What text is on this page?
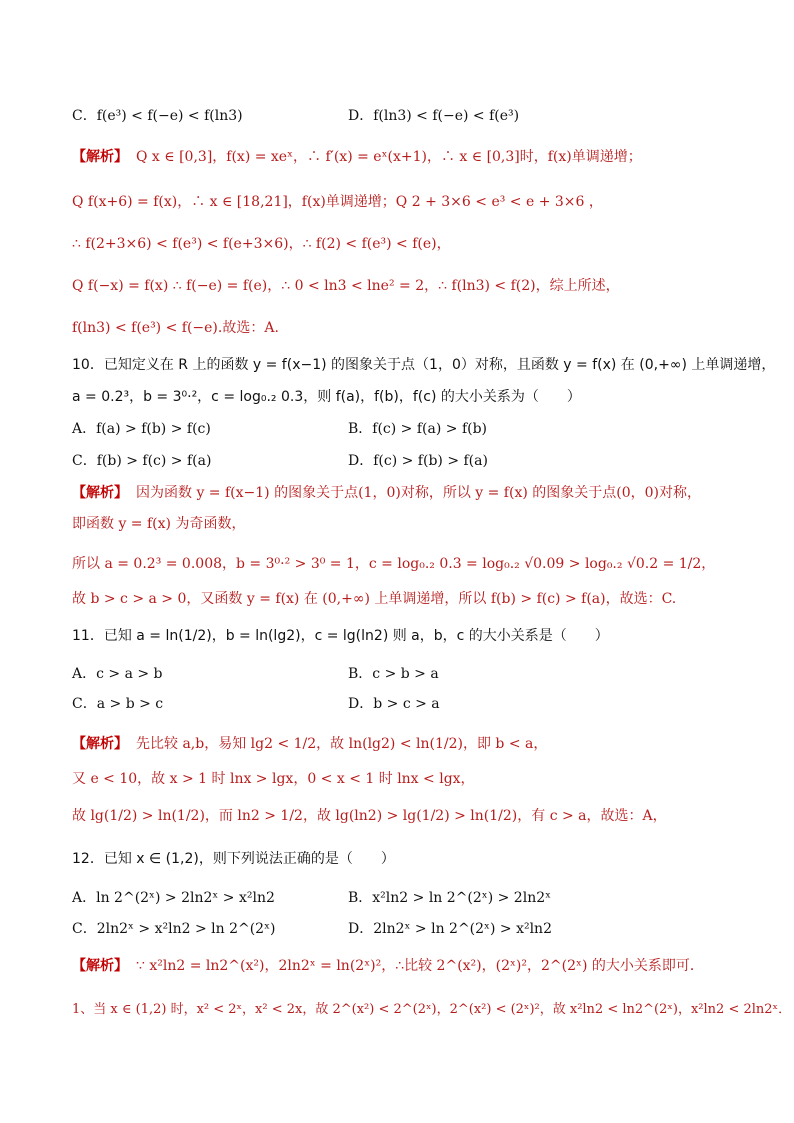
C．f(e³) < f(−e) < f(ln3)	D．f(ln3) < f(−e) < f(e³)
【解析】 Q x ∈ [0,3]，f(x) = xeˣ，∴ f′(x) = eˣ(x+1)，∴ x ∈ [0,3]时，f(x)单调递增；
Q f(x+6) = f(x)，∴ x ∈ [18,21]，f(x)单调递增；Q 2 + 3×6 < e³ < e + 3×6 ，
∴ f(2+3×6) < f(e³) < f(e+3×6)，∴ f(2) < f(e³) < f(e)，
Q f(−x) = f(x) ∴ f(−e) = f(e)，∴ 0 < ln3 < lne² = 2，∴ f(ln3) < f(2)，综上所述，
f(ln3) < f(e³) < f(−e).故选：A.
10．已知定义在 R 上的函数 y = f(x−1) 的图象关于点（1，0）对称，且函数 y = f(x) 在 (0,+∞) 上单调递增，
a = 0.2³，b = 3⁰·²，c = log₀.₂ 0.3，则 f(a)，f(b)，f(c) 的大小关系为（　　）
A．f(a) > f(b) > f(c)	B．f(c) > f(a) > f(b)
C．f(b) > f(c) > f(a)	D．f(c) > f(b) > f(a)
【解析】 因为函数 y = f(x−1) 的图象关于点(1，0)对称，所以 y = f(x) 的图象关于点(0，0)对称，
即函数 y = f(x) 为奇函数，
所以 a = 0.2³ = 0.008，b = 3⁰·² > 3⁰ = 1，c = log₀.₂ 0.3 = log₀.₂ √0.09 > log₀.₂ √0.2 = 1/2，
故 b > c > a > 0，又函数 y = f(x) 在 (0,+∞) 上单调递增，所以 f(b) > f(c) > f(a)，故选：C.
11．已知 a = ln(1/2)，b = ln(lg2)，c = lg(ln2) 则 a，b，c 的大小关系是（　　）
A．c > a > b	B．c > b > a
C．a > b > c	D．b > c > a
【解析】 先比较 a,b，易知 lg2 < 1/2，故 ln(lg2) < ln(1/2)，即 b < a，
又 e < 10，故 x > 1 时 lnx > lgx，0 < x < 1 时 lnx < lgx，
故 lg(1/2) > ln(1/2)，而 ln2 > 1/2，故 lg(ln2) > lg(1/2) > ln(1/2)，有 c > a，故选：A，
12．已知 x ∈ (1,2)，则下列说法正确的是（　　）
A．ln 2^(2ˣ) > 2ln2ˣ > x²ln2	B．x²ln2 > ln 2^(2ˣ) > 2ln2ˣ
C．2ln2ˣ > x²ln2 > ln 2^(2ˣ)	D．2ln2ˣ > ln 2^(2ˣ) > x²ln2
【解析】 ∵ x²ln2 = ln2^(x²)，2ln2ˣ = ln(2ˣ)²，∴比较 2^(x²)，(2ˣ)²，2^(2ˣ) 的大小关系即可．
1、当 x ∈ (1,2) 时，x² < 2ˣ，x² < 2x，故 2^(x²) < 2^(2ˣ)，2^(x²) < (2ˣ)²，故 x²ln2 < ln2^(2ˣ)，x²ln2 < 2ln2ˣ．
